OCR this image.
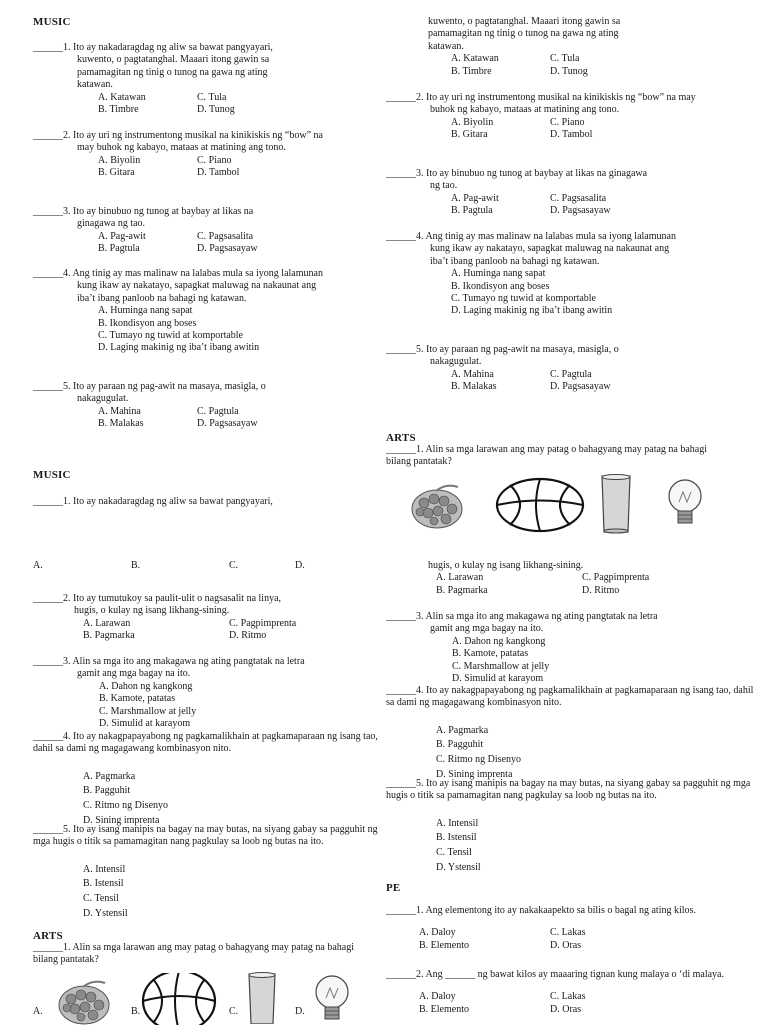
MUSIC
______1. Ito ay nakadaragdag ng aliw sa bawat pangyayari, kuwento, o pagtatanghal. Maaari itong gawin sa pamamagitan ng tinig o tunog na gawa ng ating katawan.
A. Katawan	C. Tula
B. Timbre	D. Tunog
______2. Ito ay uri ng instrumentong musikal na kinikiskis ng “bow” na may buhok ng kabayo, mataas at matining ang tono.
A. Biyolin	C. Piano
B. Gitara	D. Tambol
______3. Ito ay binubuo ng tunog at baybay at likas na ginagawa ng tao.
A. Pag-awit	C. Pagsasalita
B. Pagtula	D. Pagsasayaw
______4. Ang tinig ay mas malinaw na lalabas mula sa iyong lalamunan kung ikaw ay nakatayo, sapagkat maluwag na nakaunat ang iba’t ibang panloob na bahagi ng katawan.
A. Huminga nang sapat
B. Ikondisyon ang boses
C. Tumayo ng tuwid at komportable
D. Laging makinig ng iba’t ibang awitin
______5. Ito ay paraan ng pag-awit na masaya, masigla, o nakagugulat.
A. Mahina	C. Pagtula
B. Malakas	D. Pagsasayaw
MUSIC
______1. Ito ay nakadaragdag ng aliw sa bawat pangyayari,
A.	B.	C.	D.
______2. Ito ay tumutukoy sa paulit-ulit o nagsasalit na linya,
hugis, o kulay ng isang likhang-sining.
A. Larawan	C. Pagpimprenta
B. Pagmarka	D. Ritmo
______3. Alin sa mga ito ang makagawa ng ating pangtatak na letra gamit ang mga bagay na ito.
A. Dahon ng kangkong
B. Kamote, patatas
C. Marshmallow at jelly
D. Simulid at karayom
______4. Ito ay nakagpapayabong ng pagkamalikhain at pagkamaparaan ng isang tao, dahil sa dami ng magagawang kombinasyon nito.
A. Pagmarka
B. Pagguhit
C. Ritmo ng Disenyo
D. Sining imprenta
______5. Ito ay isang manipis na bagay na may butas, na siyang gabay sa pagguhit ng mga hugis o titik sa pamamagitan nang pagkulay sa loob ng butas na ito.
A. Intensil
B. Istensil
C. Tensil
D. Ystensil
ARTS
______1. Alin sa mga larawan ang may patag o bahagyang may patag na bahagi bilang pantatak?
A.	B.	C.	D.
kuwento, o pagtatanghal. Maaari itong gawin sa pamamagitan ng tinig o tunog na gawa ng ating katawan.
A. Katawan	C. Tula
B. Timbre	D. Tunog
______2. Ito ay uri ng instrumentong musikal na kinikiskis ng “bow” na may buhok ng kabayo, mataas at matining ang tono.
A. Biyolin	C. Piano
B. Gitara	D. Tambol
______3. Ito ay binubuo ng tunog at baybay at likas na ginagawa ng tao.
A. Pag-awit	C. Pagsasalita
B. Pagtula	D. Pagsasayaw
______4. Ang tinig ay mas malinaw na lalabas mula sa iyong lalamunan kung ikaw ay nakatayo, sapagkat maluwag na nakaunat ang iba’t ibang panloob na bahagi ng katawan.
A. Huminga nang sapat
B. Ikondisyon ang boses
C. Tumayo ng tuwid at komportable
D. Laging makinig ng iba’t ibang awitin
______5. Ito ay paraan ng pag-awit na masaya, masigla, o nakagugulat.
A. Mahina	C. Pagtula
B. Malakas	D. Pagsasayaw
ARTS
______1. Alin sa mga larawan ang may patag o bahagyang may patag na bahagi bilang pantatak?
hugis, o kulay ng isang likhang-sining.
A. Larawan	C. Pagpimprenta
B. Pagmarka	D. Ritmo
______3. Alin sa mga ito ang makagawa ng ating pangtatak na letra gamit ang mga bagay na ito.
A. Dahon ng kangkong
B. Kamote, patatas
C. Marshmallow at jelly
D. Simulid at karayom
______4. Ito ay nakagpapayabong ng pagkamalikhain at pagkamaparaan ng isang tao, dahil sa dami ng magagawang kombinasyon nito.
A. Pagmarka
B. Pagguhit
C. Ritmo ng Disenyo
D. Sining imprenta
______5. Ito ay isang manipis na bagay na may butas, na siyang gabay sa pagguhit ng mga hugis o titik sa pamamagitan nang pagkulay sa loob ng butas na ito.
A. Intensil
B. Istensil
C. Tensil
D. Ystensil
PE
______1. Ang elementong ito ay nakakaapekto sa bilis o bagal ng ating kilos.
A. Daloy	C. Lakas
B. Elemento	D. Oras
______2. Ang ______ ng bawat kilos ay maaaring tignan kung malaya o ‘di malaya.
A. Daloy	C. Lakas
B. Elemento	D. Oras
